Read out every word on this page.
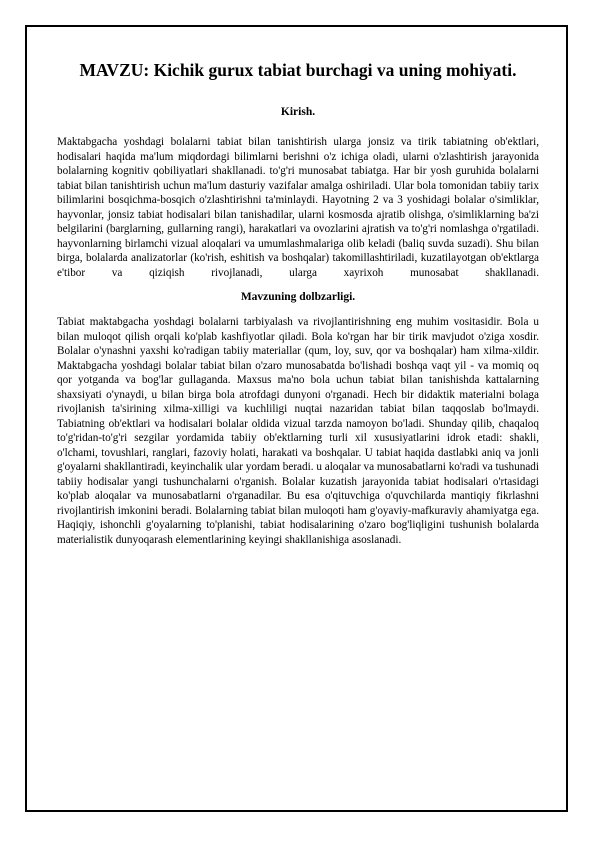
MAVZU: Kichik gurux tabiat burchagi va uning mohiyati.
Kirish.

Maktabgacha yoshdagi bolalarni tabiat bilan tanishtirish ularga jonsiz va tirik tabiatning ob'ektlari, hodisalari haqida ma'lum miqdordagi bilimlarni berishni o'z ichiga oladi, ularni o'zlashtirish jarayonida bolalarning kognitiv qobiliyatlari shakllanadi. to'g'ri munosabat tabiatga. Har bir yosh guruhida bolalarni tabiat bilan tanishtirish uchun ma'lum dasturiy vazifalar amalga oshiriladi. Ular bola tomonidan tabiiy tarix bilimlarini bosqichma-bosqich o'zlashtirishni ta'minlaydi. Hayotning 2 va 3 yoshidagi bolalar o'simliklar, hayvonlar, jonsiz tabiat hodisalari bilan tanishadilar, ularni kosmosda ajratib olishga, o'simliklarning ba'zi belgilarini (barglarning, gullarning rangi), harakatlari va ovozlarini ajratish va to'g'ri nomlashga o'rgatiladi. hayvonlarning birlamchi vizual aloqalari va umumlashmalariga olib keladi (baliq suvda suzadi). Shu bilan birga, bolalarda analizatorlar (ko'rish, eshitish va boshqalar) takomillashtiriladi, kuzatilayotgan ob'ektlarga e'tibor va qiziqish rivojlanadi, ularga xayrixoh munosabat shakllanadi.

Mavzuning dolbzarligi.

Tabiat maktabgacha yoshdagi bolalarni tarbiyalash va rivojlantirishning eng muhim vositasidir. Bola u bilan muloqot qilish orqali ko'plab kashfiyotlar qiladi. Bola ko'rgan har bir tirik mavjudot o'ziga xosdir. Bolalar o'ynashni yaxshi ko'radigan tabiiy materiallar (qum, loy, suv, qor va boshqalar) ham xilma-xildir. Maktabgacha yoshdagi bolalar tabiat bilan o'zaro munosabatda bo'lishadi boshqa vaqt yil - va momiq oq qor yotganda va bog'lar gullaganda. Maxsus ma'no bola uchun tabiat bilan tanishishda kattalarning shaxsiyati o'ynaydi, u bilan birga bola atrofdagi dunyoni o'rganadi. Hech bir didaktik materialni bolaga rivojlanish ta'sirining xilma-xilligi va kuchliligi nuqtai nazaridan tabiat bilan taqqoslab bo'lmaydi. Tabiatning ob'ektlari va hodisalari bolalar oldida vizual tarzda namoyon bo'ladi. Shunday qilib, chaqaloq to'g'ridan-to'g'ri sezgilar yordamida tabiiy ob'ektlarning turli xil xususiyatlarini idrok etadi: shakli, o'lchami, tovushlari, ranglari, fazoviy holati, harakati va boshqalar. U tabiat haqida dastlabki aniq va jonli g'oyalarni shakllantiradi, keyinchalik ular yordam beradi. u aloqalar va munosabatlarni ko'radi va tushunadi tabiiy hodisalar yangi tushunchalarni o'rganish. Bolalar kuzatish jarayonida tabiat hodisalari o'rtasidagi ko'plab aloqalar va munosabatlarni o'rganadilar. Bu esa o'qituvchiga o'quvchilarda mantiqiy fikrlashni rivojlantirish imkonini beradi. Bolalarning tabiat bilan muloqoti ham g'oyaviy-mafkuraviy ahamiyatga ega. Haqiqiy, ishonchli g'oyalarning to'planishi, tabiat hodisalarining o'zaro bog'liqligini tushunish bolalarda materialistik dunyoqarash elementlarining keyingi shakllanishiga asoslanadi.
